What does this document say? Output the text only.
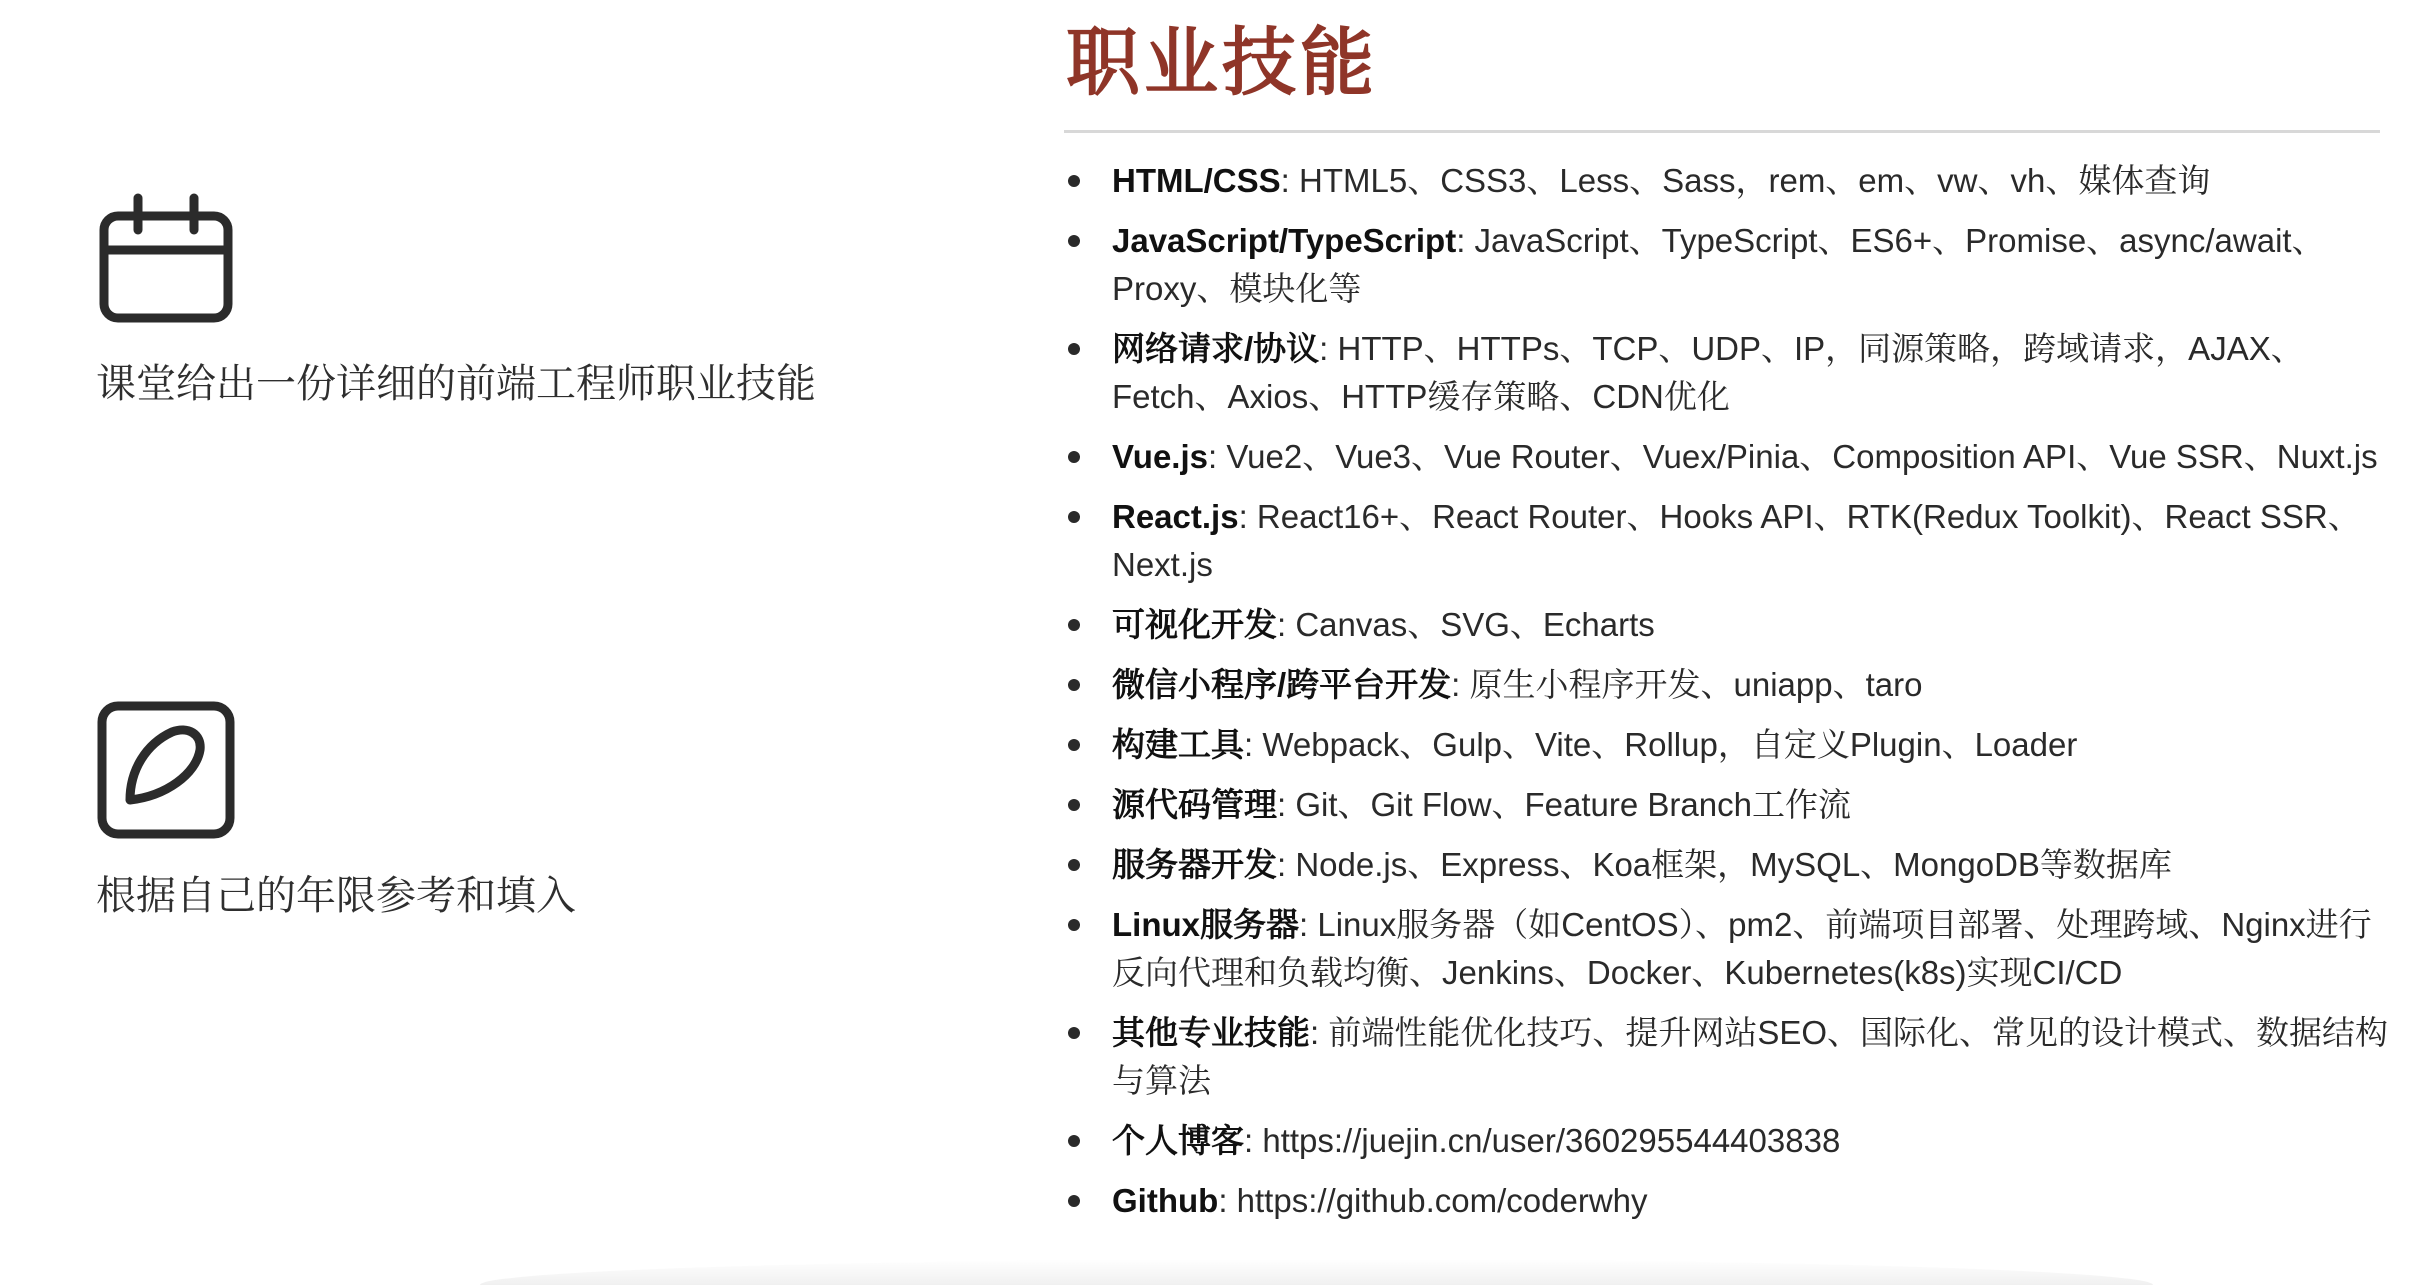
课堂给出一份详细的前端工程师职业技能
根据自己的年限参考和填入
职业技能
HTML/CSS: HTML5、CSS3、Less、Sass，rem、em、vw、vh、媒体查询
JavaScript/TypeScript: JavaScript、TypeScript、ES6+、Promise、async/await、Proxy、模块化等
网络请求/协议: HTTP、HTTPs、TCP、UDP、IP，同源策略，跨域请求，AJAX、Fetch、Axios、HTTP缓存策略、CDN优化
Vue.js: Vue2、Vue3、Vue Router、Vuex/Pinia、Composition API、Vue SSR、Nuxt.js
React.js: React16+、React Router、Hooks API、RTK(Redux Toolkit)、React SSR、Next.js
可视化开发: Canvas、SVG、Echarts
微信小程序/跨平台开发: 原生小程序开发、uniapp、taro
构建工具: Webpack、Gulp、Vite、Rollup，自定义Plugin、Loader
源代码管理: Git、Git Flow、Feature Branch工作流
服务器开发: Node.js、Express、Koa框架，MySQL、MongoDB等数据库
Linux服务器: Linux服务器（如CentOS）、pm2、前端项目部署、处理跨域、Nginx进行反向代理和负载均衡、Jenkins、Docker、Kubernetes(k8s)实现CI/CD
其他专业技能: 前端性能优化技巧、提升网站SEO、国际化、常见的设计模式、数据结构与算法
个人博客: https://juejin.cn/user/360295544403838
Github: https://github.com/coderwhy
